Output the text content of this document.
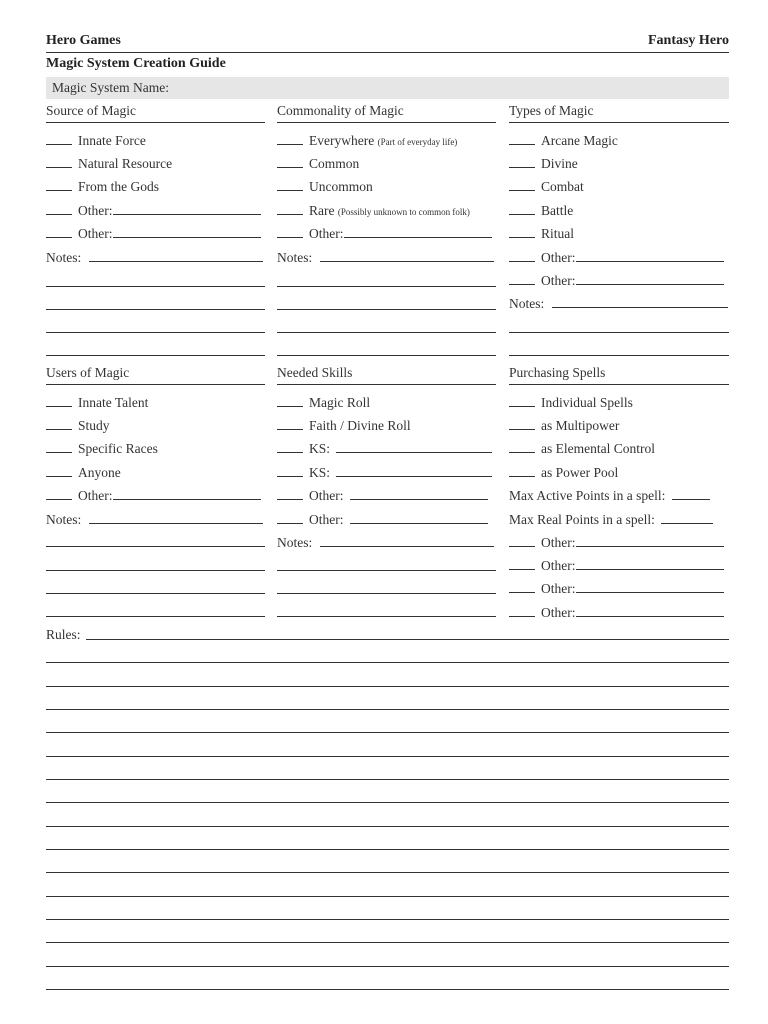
Hero Games	Fantasy Hero
Magic System Creation Guide
Magic System Name:
Source of Magic
Innate Force
Natural Resource
From the Gods
Other:
Other:
Notes:
Users of Magic
Innate Talent
Study
Specific Races
Anyone
Other:
Notes:
Commonality of Magic
Everywhere (Part of everyday life)
Common
Uncommon
Rare (Possibly unknown to common folk)
Other:
Notes:
Needed Skills
Magic Roll
Faith / Divine Roll
KS:
KS:
Other:
Other:
Notes:
Types of Magic
Arcane Magic
Divine
Combat
Battle
Ritual
Other:
Other:
Notes:
Purchasing Spells
Individual Spells
as Multipower
as Elemental Control
as Power Pool
Max Active Points in a spell:
Max Real Points in a spell:
Other:
Other:
Other:
Other:
Rules:
